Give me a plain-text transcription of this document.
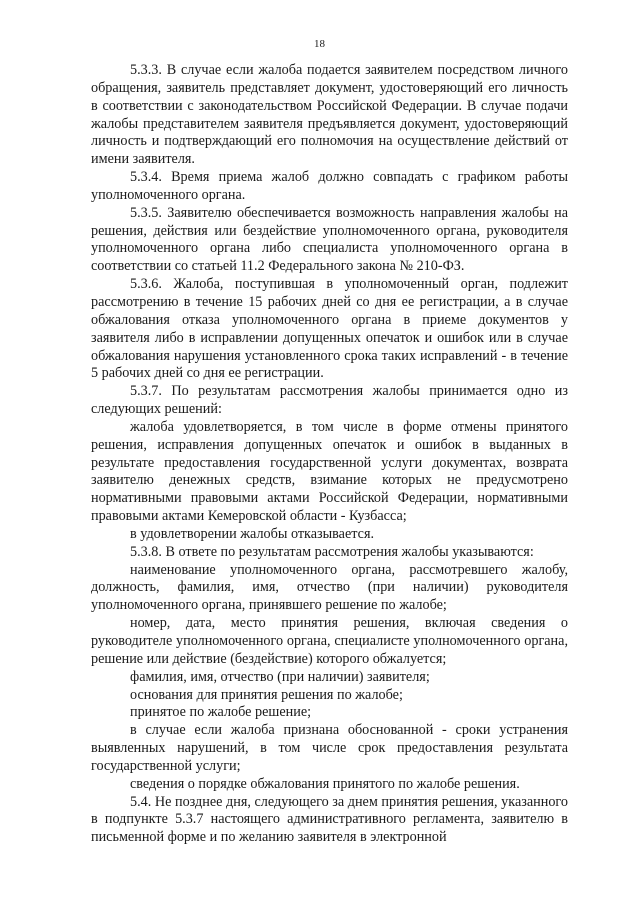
18

5.3.3. В случае если жалоба подается заявителем посредством личного обращения, заявитель представляет документ, удостоверяющий его личность в соответствии с законодательством Российской Федерации. В случае подачи жалобы представителем заявителя предъявляется документ, удостоверяющий личность и подтверждающий его полномочия на осуществление действий от имени заявителя.

5.3.4. Время приема жалоб должно совпадать с графиком работы уполномоченного органа.

5.3.5. Заявителю обеспечивается возможность направления жалобы на решения, действия или бездействие уполномоченного органа, руководителя уполномоченного органа либо специалиста уполномоченного органа в соответствии со статьей 11.2 Федерального закона № 210-ФЗ.

5.3.6. Жалоба, поступившая в уполномоченный орган, подлежит рассмотрению в течение 15 рабочих дней со дня ее регистрации, а в случае обжалования отказа уполномоченного органа в приеме документов у заявителя либо в исправлении допущенных опечаток и ошибок или в случае обжалования нарушения установленного срока таких исправлений - в течение 5 рабочих дней со дня ее регистрации.

5.3.7. По результатам рассмотрения жалобы принимается одно из следующих решений:

жалоба удовлетворяется, в том числе в форме отмены принятого решения, исправления допущенных опечаток и ошибок в выданных в результате предоставления государственной услуги документах, возврата заявителю денежных средств, взимание которых не предусмотрено нормативными правовыми актами Российской Федерации, нормативными правовыми актами Кемеровской области - Кузбасса;

в удовлетворении жалобы отказывается.

5.3.8. В ответе по результатам рассмотрения жалобы указываются:

наименование уполномоченного органа, рассмотревшего жалобу, должность, фамилия, имя, отчество (при наличии) руководителя уполномоченного органа, принявшего решение по жалобе;

номер, дата, место принятия решения, включая сведения о руководителе уполномоченного органа, специалисте уполномоченного органа, решение или действие (бездействие) которого обжалуется;

фамилия, имя, отчество (при наличии) заявителя;

основания для принятия решения по жалобе;

принятое по жалобе решение;

в случае если жалоба признана обоснованной - сроки устранения выявленных нарушений, в том числе срок предоставления результата государственной услуги;

сведения о порядке обжалования принятого по жалобе решения.

5.4. Не позднее дня, следующего за днем принятия решения, указанного в подпункте 5.3.7 настоящего административного регламента, заявителю в письменной форме и по желанию заявителя в электронной
